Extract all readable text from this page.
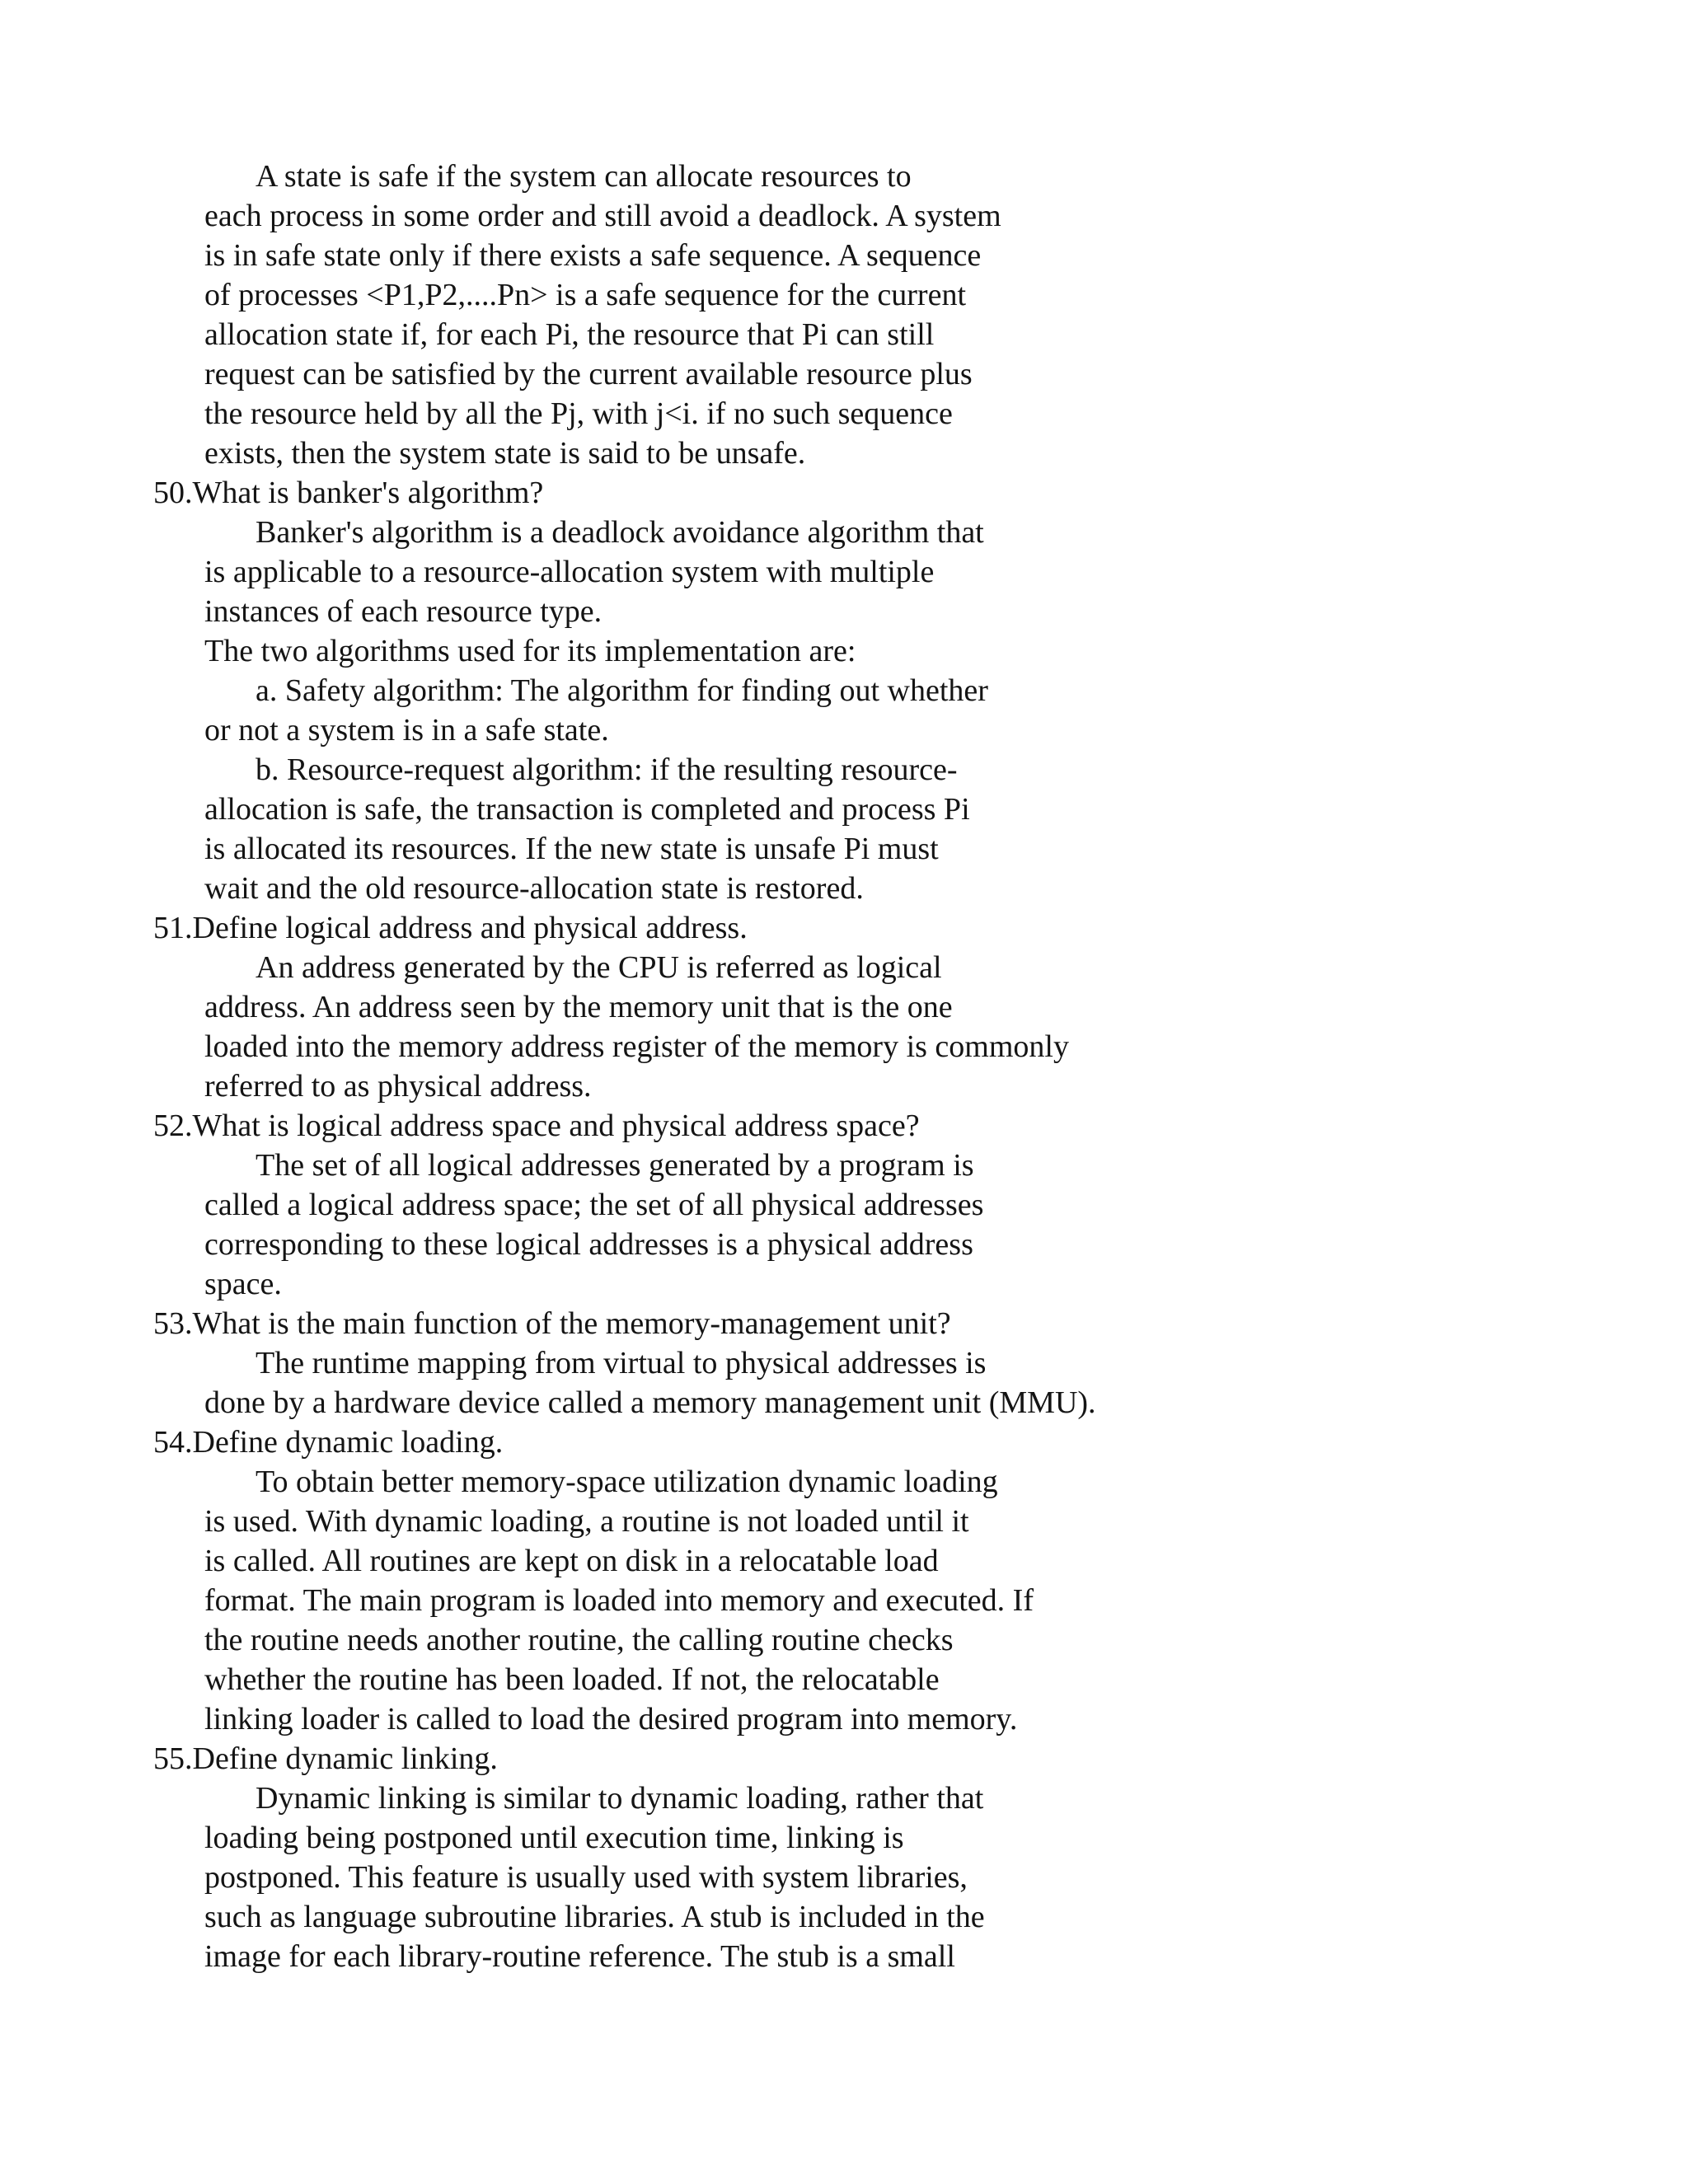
A state is safe if the system can allocate resources to
each process in some order and still avoid a deadlock. A system
is in safe state only if there exists a safe sequence. A sequence
of processes <P1,P2,....Pn> is a safe sequence for the current
allocation state if, for each Pi, the resource that Pi can still
request can be satisfied by the current available resource plus
the resource held by all the Pj, with j<i. if no such sequence
exists, then the system state is said to be unsafe.
50.What is banker's algorithm?
Banker's algorithm is a deadlock avoidance algorithm that
is applicable to a resource-allocation system with multiple
instances of each resource type.
The two algorithms used for its implementation are:
a. Safety algorithm: The algorithm for finding out whether
or not a system is in a safe state.
b. Resource-request algorithm: if the resulting resource-
allocation is safe, the transaction is completed and process Pi
is allocated its resources. If the new state is unsafe Pi must
wait and the old resource-allocation state is restored.
51.Define logical address and physical address.
An address generated by the CPU is referred as logical
address. An address seen by the memory unit that is the one
loaded into the memory address register of the memory is commonly
referred to as physical address.
52.What is logical address space and physical address space?
The set of all logical addresses generated by a program is
called a logical address space; the set of all physical addresses
corresponding to these logical addresses is a physical address
space.
53.What is the main function of the memory-management unit?
The runtime mapping from virtual to physical addresses is
done by a hardware device called a memory management unit (MMU).
54.Define dynamic loading.
To obtain better memory-space utilization dynamic loading
is used. With dynamic loading, a routine is not loaded until it
is called. All routines are kept on disk in a relocatable load
format. The main program is loaded into memory and executed. If
the routine needs another routine, the calling routine checks
whether the routine has been loaded. If not, the relocatable
linking loader is called to load the desired program into memory.
55.Define dynamic linking.
Dynamic linking is similar to dynamic loading, rather that
loading being postponed until execution time, linking is
postponed. This feature is usually used with system libraries,
such as language subroutine libraries. A stub is included in the
image for each library-routine reference. The stub is a small
